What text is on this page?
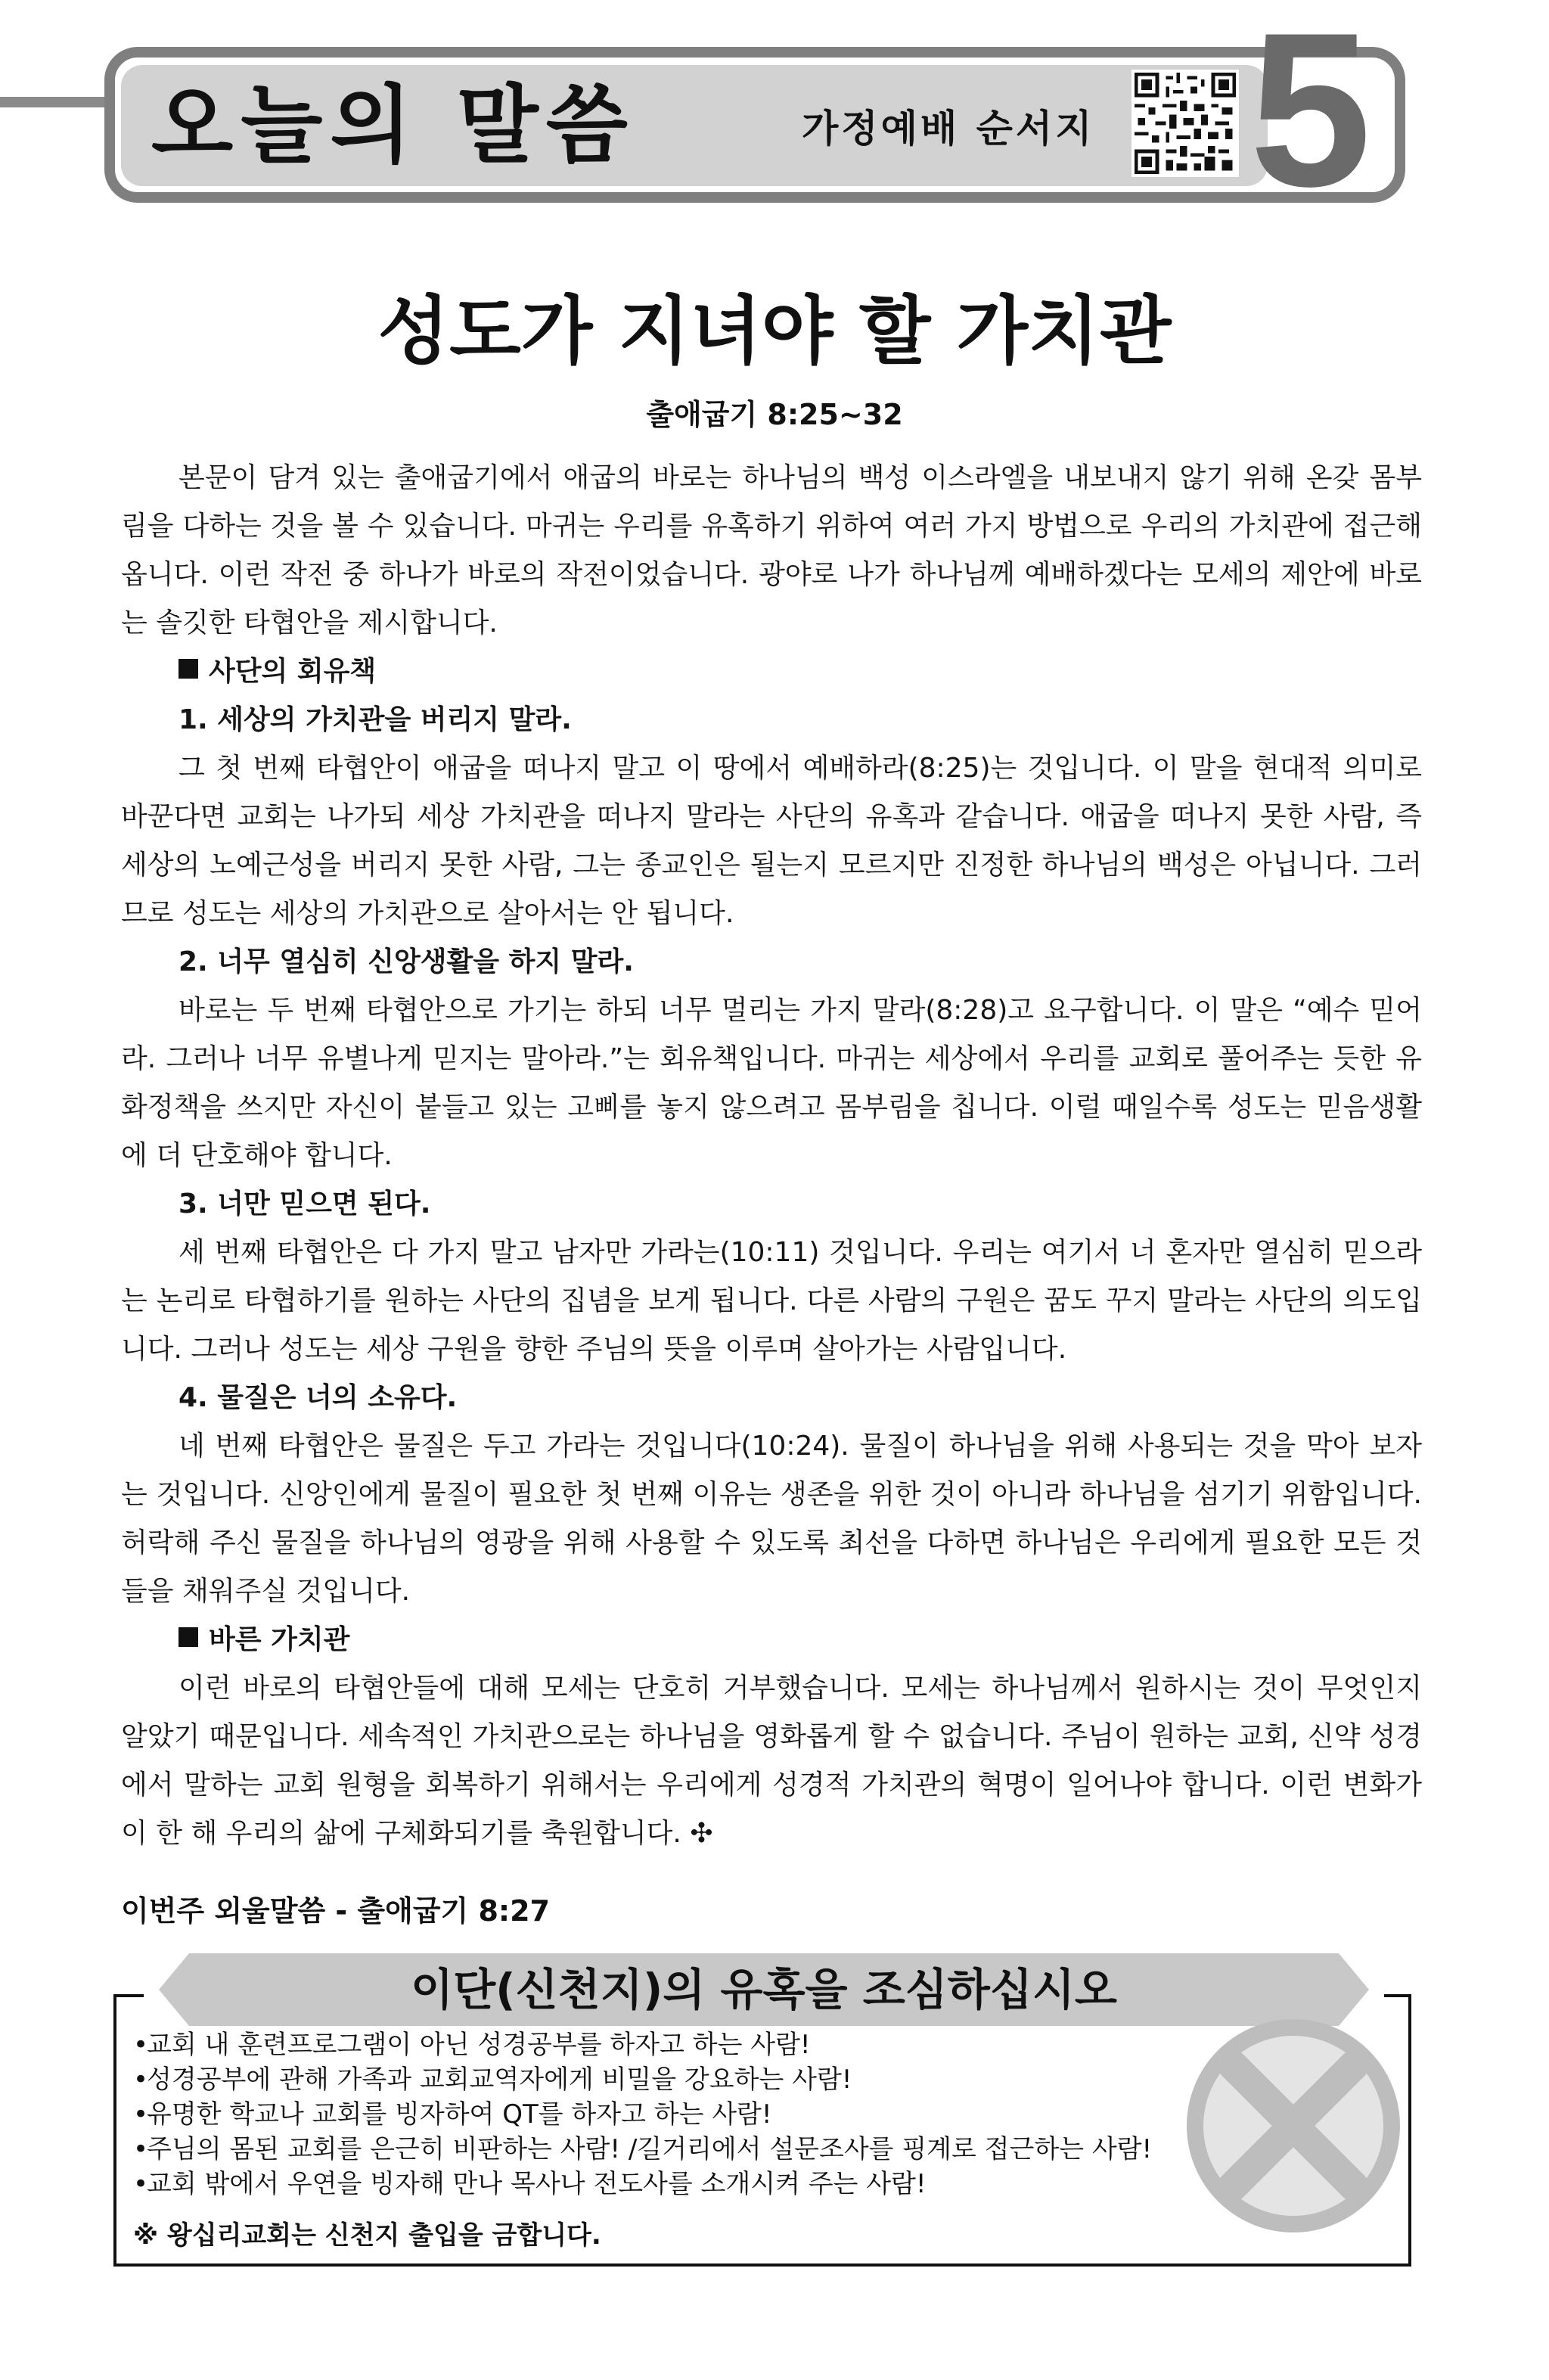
오늘의 말씀	가정예배 순서지 5
성도가 지녀야 할 가치관
출애굽기 8:25~32

본문이 담겨 있는 출애굽기에서 애굽의 바로는 하나님의 백성 이스라엘을 내보내지 않기 위해 온갖 몸부림을 다하는 것을 볼 수 있습니다. 마귀는 우리를 유혹하기 위하여 여러 가지 방법으로 우리의 가치관에 접근해 옵니다. 이런 작전 중 하나가 바로의 작전이었습니다. 광야로 나가 하나님께 예배하겠다는 모세의 제안에 바로는 솔깃한 타협안을 제시합니다.

사단의 회유책
1. 세상의 가치관을 버리지 말라.

그 첫 번째 타협안이 애굽을 떠나지 말고 이 땅에서 예배하라(8:25)는 것입니다. 이 말을 현대적 의미로 바꾼다면 교회는 나가되 세상 가치관을 떠나지 말라는 사단의 유혹과 같습니다. 애굽을 떠나지 못한 사람, 즉 세상의 노예근성을 버리지 못한 사람, 그는 종교인은 될는지 모르지만 진정한 하나님의 백성은 아닙니다. 그러므로 성도는 세상의 가치관으로 살아서는 안 됩니다.

2. 너무 열심히 신앙생활을 하지 말라.

바로는 두 번째 타협안으로 가기는 하되 너무 멀리는 가지 말라(8:28)고 요구합니다. 이 말은 “예수 믿어라. 그러나 너무 유별나게 믿지는 말아라.”는 회유책입니다. 마귀는 세상에서 우리를 교회로 풀어주는 듯한 유화정책을 쓰지만 자신이 붙들고 있는 고삐를 놓지 않으려고 몸부림을 칩니다. 이럴 때일수록 성도는 믿음생활에 더 단호해야 합니다.

3. 너만 믿으면 된다.

세 번째 타협안은 다 가지 말고 남자만 가라는(10:11) 것입니다. 우리는 여기서 너 혼자만 열심히 믿으라는 논리로 타협하기를 원하는 사단의 집념을 보게 됩니다. 다른 사람의 구원은 꿈도 꾸지 말라는 사단의 의도입니다. 그러나 성도는 세상 구원을 향한 주님의 뜻을 이루며 살아가는 사람입니다.

4. 물질은 너의 소유다.

네 번째 타협안은 물질은 두고 가라는 것입니다(10:24). 물질이 하나님을 위해 사용되는 것을 막아 보자는 것입니다. 신앙인에게 물질이 필요한 첫 번째 이유는 생존을 위한 것이 아니라 하나님을 섬기기 위함입니다. 허락해 주신 물질을 하나님의 영광을 위해 사용할 수 있도록 최선을 다하면 하나님은 우리에게 필요한 모든 것들을 채워주실 것입니다.

바른 가치관

이런 바로의 타협안들에 대해 모세는 단호히 거부했습니다. 모세는 하나님께서 원하시는 것이 무엇인지 알았기 때문입니다. 세속적인 가치관으로는 하나님을 영화롭게 할 수 없습니다. 주님이 원하는 교회, 신약 성경에서 말하는 교회 원형을 회복하기 위해서는 우리에게 성경적 가치관의 혁명이 일어나야 합니다. 이런 변화가 이 한 해 우리의 삶에 구체화되기를 축원합니다. ✣

이번주 외울말씀 - 출애굽기 8:27
이단(신천지)의 유혹을 조심하십시오
•교회 내 훈련프로그램이 아닌 성경공부를 하자고 하는 사람!
•성경공부에 관해 가족과 교회교역자에게 비밀을 강요하는 사람!
•유명한 학교나 교회를 빙자하여 QT를 하자고 하는 사람!
•주님의 몸된 교회를 은근히 비판하는 사람! /길거리에서 설문조사를 핑계로 접근하는 사람!
•교회 밖에서 우연을 빙자해 만나 목사나 전도사를 소개시켜 주는 사람!
※ 왕십리교회는 신천지 출입을 금합니다.
